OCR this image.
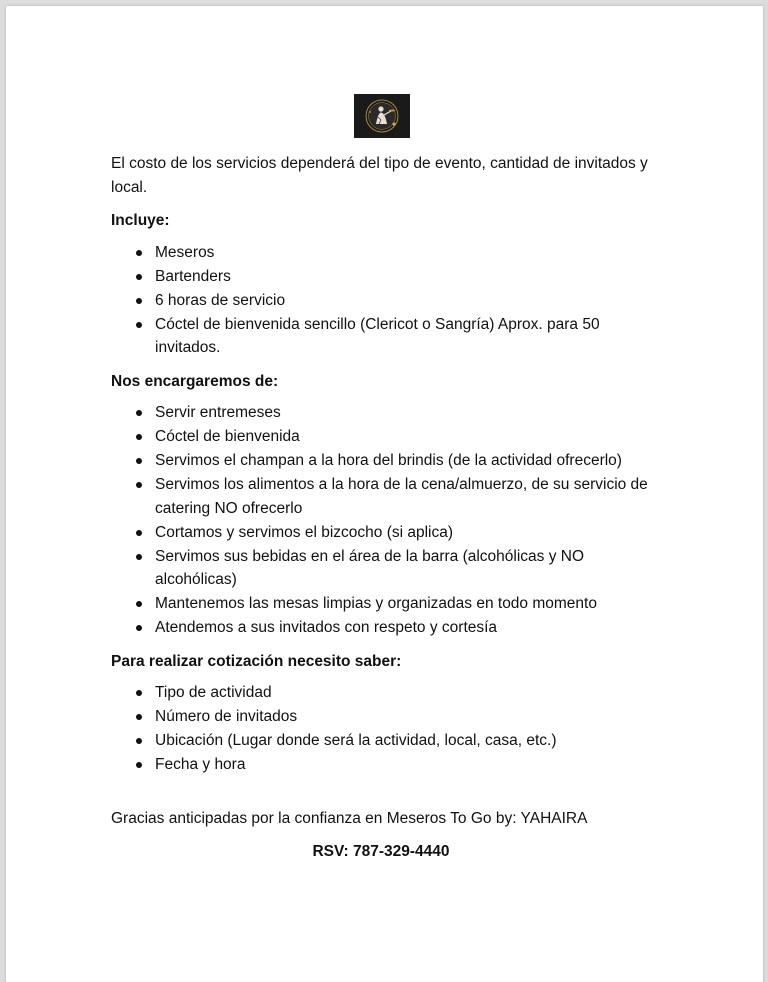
El costo de los servicios dependerá del tipo de evento, cantidad de invitados y local.

Incluye:

Meseros
Bartenders
6 horas de servicio
Cóctel de bienvenida sencillo (Clericot o Sangría) Aprox. para 50 invitados.

Nos encargaremos de:

Servir entremeses
Cóctel de bienvenida
Servimos el champan a la hora del brindis (de la actividad ofrecerlo)
Servimos los alimentos a la hora de la cena/almuerzo, de su servicio de catering NO ofrecerlo
Cortamos y servimos el bizcocho (si aplica)
Servimos sus bebidas en el área de la barra (alcohólicas y NO alcohólicas)
Mantenemos las mesas limpias y organizadas en todo momento
Atendemos a sus invitados con respeto y cortesía

Para realizar cotización necesito saber:

Tipo de actividad
Número de invitados
Ubicación (Lugar donde será la actividad, local, casa, etc.)
Fecha y hora

Gracias anticipadas por la confianza en Meseros To Go by: YAHAIRA

RSV: 787-329-4440
